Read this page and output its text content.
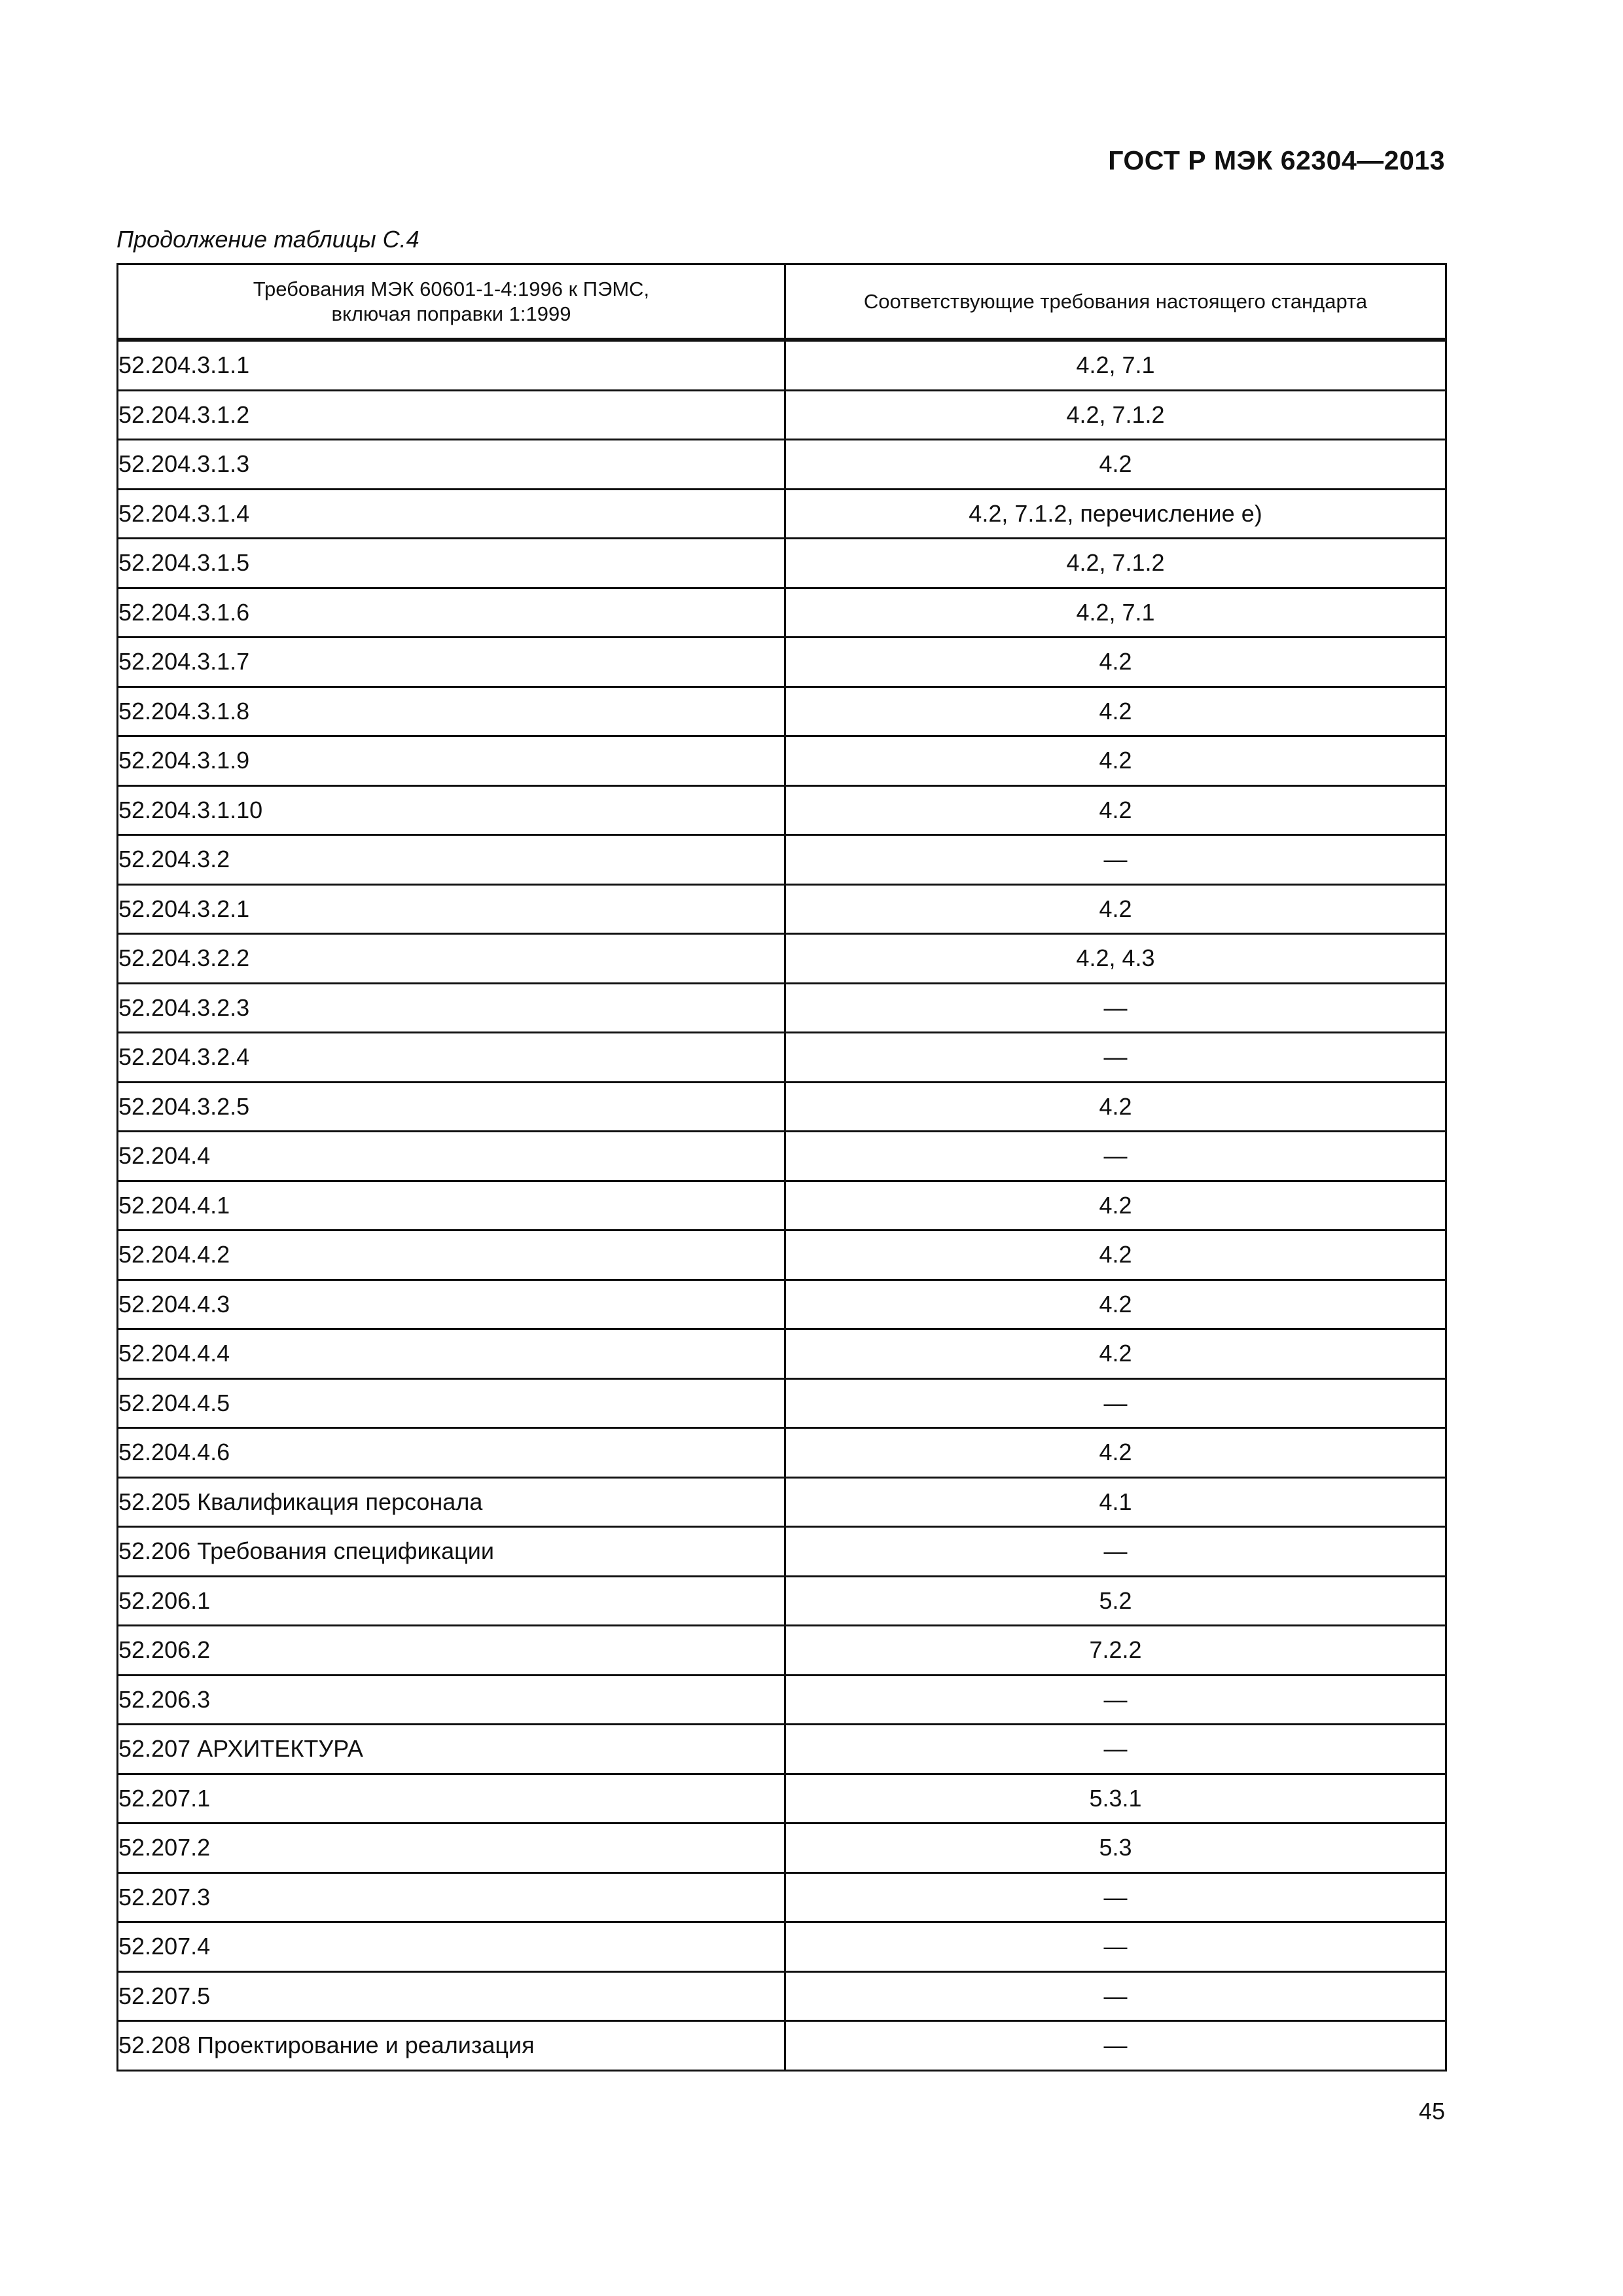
ГОСТ Р МЭК 62304—2013
Продолжение таблицы С.4
Требования МЭК 60601-1-4:1996 к ПЭМС,
включая поправки 1:1999	Соответствующие требования настоящего стандарта

52.204.3.1.1	4.2, 7.1
52.204.3.1.2	4.2, 7.1.2
52.204.3.1.3	4.2
52.204.3.1.4	4.2, 7.1.2, перечисление e)
52.204.3.1.5	4.2, 7.1.2
52.204.3.1.6	4.2, 7.1
52.204.3.1.7	4.2
52.204.3.1.8	4.2
52.204.3.1.9	4.2
52.204.3.1.10	4.2
52.204.3.2	—
52.204.3.2.1	4.2
52.204.3.2.2	4.2, 4.3
52.204.3.2.3	—
52.204.3.2.4	—
52.204.3.2.5	4.2
52.204.4	—
52.204.4.1	4.2
52.204.4.2	4.2
52.204.4.3	4.2
52.204.4.4	4.2
52.204.4.5	—
52.204.4.6	4.2
52.205 Квалификация персонала	4.1
52.206 Требования спецификации	—
52.206.1	5.2
52.206.2	7.2.2
52.206.3	—
52.207 АРХИТЕКТУРА	—
52.207.1	5.3.1
52.207.2	5.3
52.207.3	—
52.207.4	—
52.207.5	—
52.208 Проектирование и реализация	—
45
